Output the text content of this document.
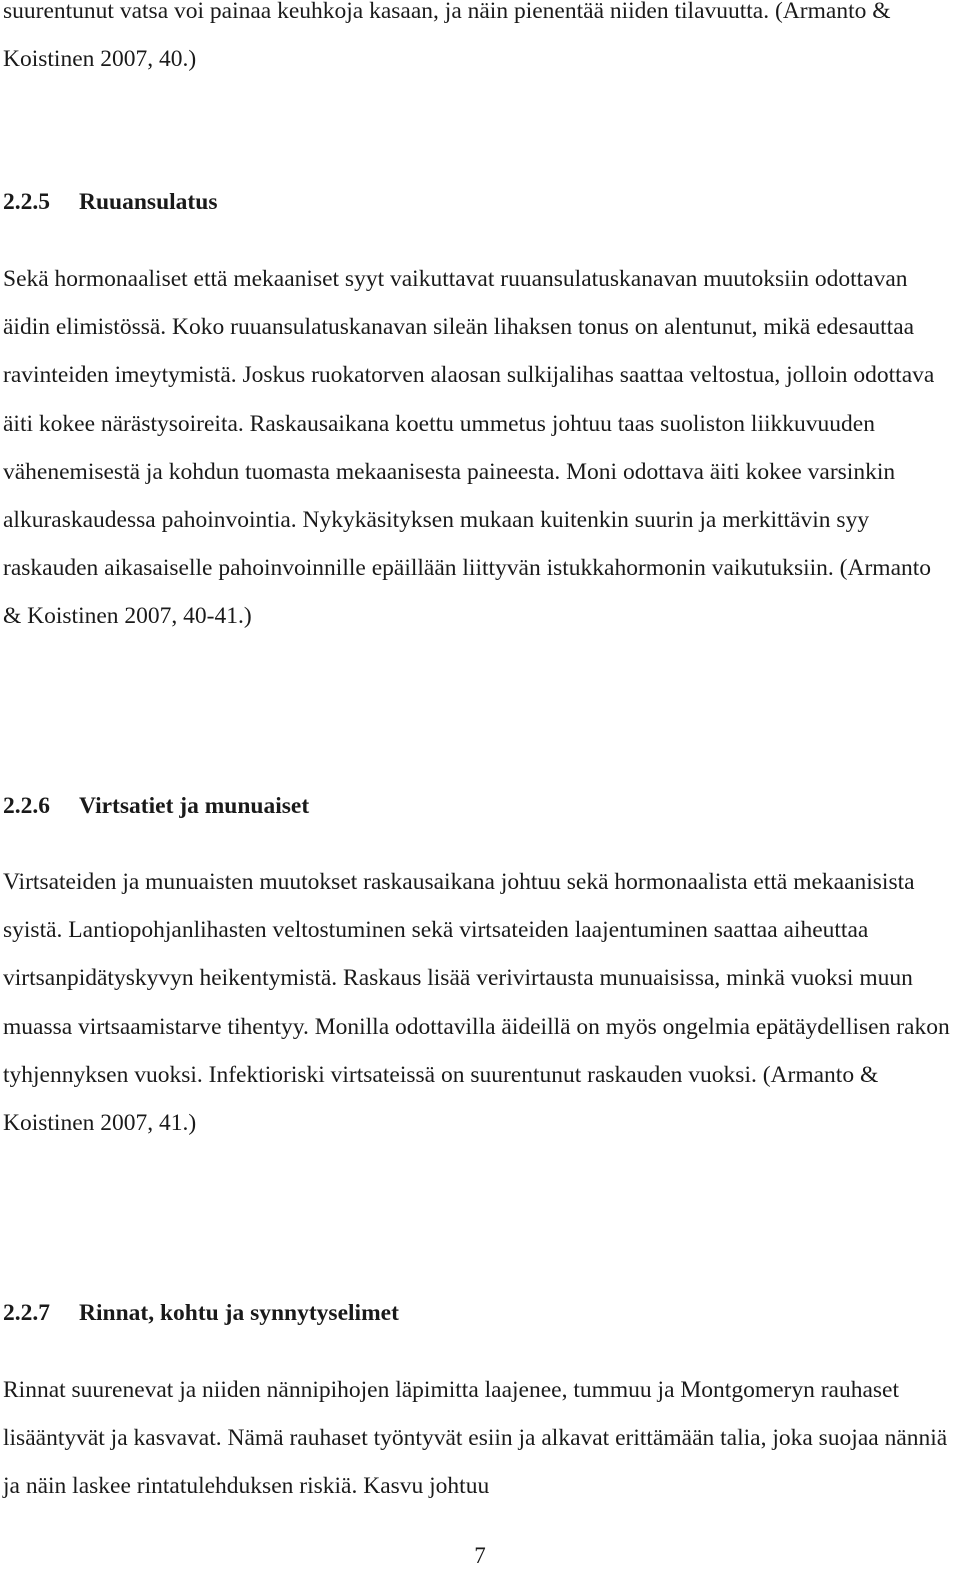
suurentunut vatsa voi painaa keuhkoja kasaan, ja näin pienentää niiden tilavuutta. (Armanto & Koistinen 2007, 40.)

2.2.5 Ruuansulatus

Sekä hormonaaliset että mekaaniset syyt vaikuttavat ruuansulatuskanavan muutoksiin odottavan äidin elimistössä. Koko ruuansulatuskanavan sileän lihaksen tonus on alentunut, mikä edesauttaa ravinteiden imeytymistä. Joskus ruokatorven alaosan sulkijalihas saattaa veltostua, jolloin odottava äiti kokee närästysoireita. Raskausaikana koettu ummetus johtuu taas suoliston liikkuvuuden vähenemisestä ja kohdun tuomasta mekaanisesta paineesta. Moni odottava äiti kokee varsinkin alkuraskaudessa pahoinvointia. Nykykäsityksen mukaan kuitenkin suurin ja merkittävin syy raskauden aikasaiselle pahoinvoinnille epäillään liittyvän istukkahormonin vaikutuksiin. (Armanto & Koistinen 2007, 40-41.)

2.2.6 Virtsatiet ja munuaiset

Virtsateiden ja munuaisten muutokset raskausaikana johtuu sekä hormonaalista että mekaanisista syistä. Lantiopohjanlihasten veltostuminen sekä virtsateiden laajentuminen saattaa aiheuttaa virtsanpidätyskyvyn heikentymistä. Raskaus lisää verivirtausta munuaisissa, minkä vuoksi muun muassa virtsaamistarve tihentyy. Monilla odottavilla äideillä on myös ongelmia epätäydellisen rakon tyhjennyksen vuoksi. Infektioriski virtsateissä on suurentunut raskauden vuoksi. (Armanto & Koistinen 2007, 41.)

2.2.7 Rinnat, kohtu ja synnytyselimet

Rinnat suurenevat ja niiden nännipihojen läpimitta laajenee, tummuu ja Montgomeryn rauhaset lisääntyvät ja kasvavat. Nämä rauhaset työntyvät esiin ja alkavat erittämään talia, joka suojaa nänniä ja näin laskee rintatulehduksen riskiä. Kasvu johtuu

7
